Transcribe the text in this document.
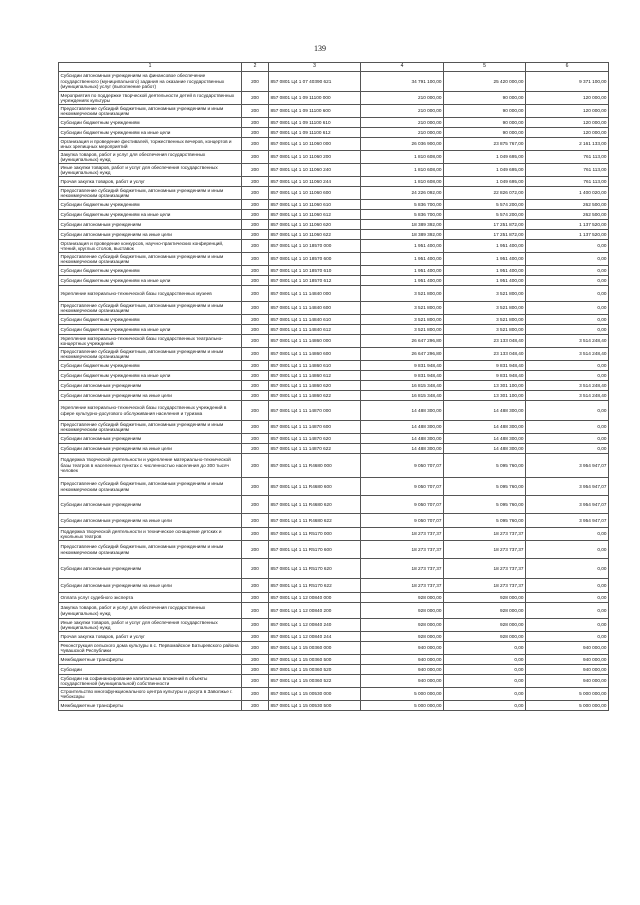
139
1	2	3	4	5	6
Субсидии автономным учреждениям на финансовое обеспечение государственного (муниципального) задания на оказание государственных (муниципальных) услуг (выполнение работ)	200	857 0801 Ц4 1 07 40390 621	34 791 100,00	25 420 000,00	9 371 100,00
Мероприятия по поддержке творческой деятельности детей в государственных учреждениях культуры	200	857 0801 Ц4 1 09 11100 000	210 000,00	90 000,00	120 000,00
Предоставление субсидий бюджетным, автономным учреждениям и иным некоммерческим организациям	200	857 0801 Ц4 1 09 11100 600	210 000,00	90 000,00	120 000,00
Субсидии бюджетным учреждениям	200	857 0801 Ц4 1 09 11100 610	210 000,00	90 000,00	120 000,00
Субсидии бюджетным учреждениям на иные цели	200	857 0801 Ц4 1 09 11100 612	210 000,00	90 000,00	120 000,00
Организация и проведение фестивалей, торжественных вечеров, концертов и иных зрелищных мероприятий	200	857 0801 Ц4 1 10 11060 000	26 036 900,00	23 875 767,00	2 161 133,00
Закупка товаров, работ и услуг для обеспечения государственных (муниципальных) нужд	200	857 0801 Ц4 1 10 11060 200	1 810 608,00	1 049 695,00	761 113,00
Иные закупки товаров, работ и услуг для обеспечения государственных (муниципальных) нужд	200	857 0801 Ц4 1 10 11060 240	1 810 608,00	1 049 695,00	761 113,00
Прочая закупка товаров, работ и услуг	200	857 0801 Ц4 1 10 11060 244	1 810 608,00	1 049 695,00	761 113,00
Предоставление субсидий бюджетным, автономным учреждениям и иным некоммерческим организациям	200	857 0801 Ц4 1 10 11060 600	24 226 092,00	22 826 072,00	1 400 020,00
Субсидии бюджетным учреждениям	200	857 0801 Ц4 1 10 11060 610	5 836 700,00	5 574 200,00	262 500,00
Субсидии бюджетным учреждениям на иные цели	200	857 0801 Ц4 1 10 11060 612	5 836 700,00	5 574 200,00	262 500,00
Субсидии автономным учреждениям	200	857 0801 Ц4 1 10 11060 620	18 389 392,00	17 251 872,00	1 137 520,00
Субсидии автономным учреждениям на иные цели	200	857 0801 Ц4 1 10 11060 622	18 389 392,00	17 251 872,00	1 137 520,00
Организация и проведение конкурсов, научно-практических конференций, чтений, круглых столов, выставок	200	857 0801 Ц4 1 10 18570 000	1 951 400,00	1 951 400,00	0,00
Предоставление субсидий бюджетным, автономным учреждениям и иным некоммерческим организациям	200	857 0801 Ц4 1 10 18570 600	1 951 400,00	1 951 400,00	0,00
Субсидии бюджетным учреждениям	200	857 0801 Ц4 1 10 18570 610	1 951 400,00	1 951 400,00	0,00
Субсидии бюджетным учреждениям на иные цели	200	857 0801 Ц4 1 10 18570 612	1 951 400,00	1 951 400,00	0,00
Укрепление материально-технической базы государственных музеев	200	857 0801 Ц4 1 11 14840 000	3 521 800,00	3 521 800,00	0,00
Предоставление субсидий бюджетным, автономным учреждениям и иным некоммерческим организациям	200	857 0801 Ц4 1 11 14840 600	3 521 800,00	3 521 800,00	0,00
Субсидии бюджетным учреждениям	200	857 0801 Ц4 1 11 14840 610	3 521 800,00	3 521 800,00	0,00
Субсидии бюджетным учреждениям на иные цели	200	857 0801 Ц4 1 11 14840 612	3 521 800,00	3 521 800,00	0,00
Укрепление материально-технической базы государственных театрально-концертных учреждений	200	857 0801 Ц4 1 11 14860 000	26 647 296,80	23 133 048,40	3 514 248,40
Предоставление субсидий бюджетным, автономным учреждениям и иным некоммерческим организациям	200	857 0801 Ц4 1 11 14860 600	26 647 296,80	23 133 048,40	3 514 248,40
Субсидии бюджетным учреждениям	200	857 0801 Ц4 1 11 14860 610	9 831 948,40	9 831 948,40	0,00
Субсидии бюджетным учреждениям на иные цели	200	857 0801 Ц4 1 11 14860 612	9 831 948,40	9 831 948,40	0,00
Субсидии автономным учреждениям	200	857 0801 Ц4 1 11 14860 620	16 815 348,40	13 301 100,00	3 514 248,40
Субсидии автономным учреждениям на иные цели	200	857 0801 Ц4 1 11 14860 622	16 815 348,40	13 301 100,00	3 514 248,40
Укрепление материально-технической базы государственных учреждений в сфере культурно-досугового обслуживания населения и туризма	200	857 0801 Ц4 1 11 14870 000	14 488 300,00	14 488 300,00	0,00
Предоставление субсидий бюджетным, автономным учреждениям и иным некоммерческим организациям	200	857 0801 Ц4 1 11 14870 600	14 488 300,00	14 488 300,00	0,00
Субсидии автономным учреждениям	200	857 0801 Ц4 1 11 14870 620	14 488 300,00	14 488 300,00	0,00
Субсидии автономным учреждениям на иные цели	200	857 0801 Ц4 1 11 14870 622	14 488 300,00	14 488 300,00	0,00
Поддержка творческой деятельности и укрепление материально-технической базы театров в населенных пунктах с численностью населения до 300 тысяч человек	200	857 0801 Ц4 1 11 R4680 000	9 050 707,07	5 095 760,00	3 954 947,07
Предоставление субсидий бюджетным, автономным учреждениям и иным некоммерческим организациям	200	857 0801 Ц4 1 11 R4680 600	9 050 707,07	5 095 760,00	3 954 947,07
Субсидии автономным учреждениям	200	857 0801 Ц4 1 11 R4680 620	9 050 707,07	5 095 760,00	3 954 947,07
Субсидии автономным учреждениям на иные цели	200	857 0801 Ц4 1 11 R4680 622	9 050 707,07	5 095 760,00	3 954 947,07
Поддержка творческой деятельности и техническое оснащение детских и кукольных театров	200	857 0801 Ц4 1 11 R5170 000	18 273 737,37	18 273 737,37	0,00
Предоставление субсидий бюджетным, автономным учреждениям и иным некоммерческим организациям	200	857 0801 Ц4 1 11 R5170 600	18 273 737,37	18 273 737,37	0,00
Субсидии автономным учреждениям	200	857 0801 Ц4 1 11 R5170 620	18 273 737,37	18 273 737,37	0,00
Субсидии автономным учреждениям на иные цели	200	857 0801 Ц4 1 11 R5170 622	18 273 737,37	18 273 737,37	0,00
Оплата услуг судебного эксперта	200	857 0801 Ц4 1 12 00840 000	928 000,00	928 000,00	0,00
Закупка товаров, работ и услуг для обеспечения государственных (муниципальных) нужд	200	857 0801 Ц4 1 12 00840 200	928 000,00	928 000,00	0,00
Иные закупки товаров, работ и услуг для обеспечения государственных (муниципальных) нужд	200	857 0801 Ц4 1 12 00840 240	928 000,00	928 000,00	0,00
Прочая закупка товаров, работ и услуг	200	857 0801 Ц4 1 12 00840 244	928 000,00	928 000,00	0,00
Реконструкция сельского дома культуры в с. Первомайское Батыревского района Чувашской Республики	200	857 0801 Ц4 1 15 00360 000	940 000,00	0,00	940 000,00
Межбюджетные трансферты	200	857 0801 Ц4 1 15 00360 500	940 000,00	0,00	940 000,00
Субсидии	200	857 0801 Ц4 1 15 00360 520	940 000,00	0,00	940 000,00
Субсидии на софинансирование капитальных вложений в объекты государственной (муниципальной) собственности	200	857 0801 Ц4 1 15 00360 522	940 000,00	0,00	940 000,00
Строительство многофункционального центра культуры и досуга в Заволжье г. Чебоксары	200	857 0801 Ц4 1 15 00530 000	5 000 000,00	0,00	5 000 000,00
Межбюджетные трансферты	200	857 0801 Ц4 1 15 00530 500	5 000 000,00	0,00	5 000 000,00
